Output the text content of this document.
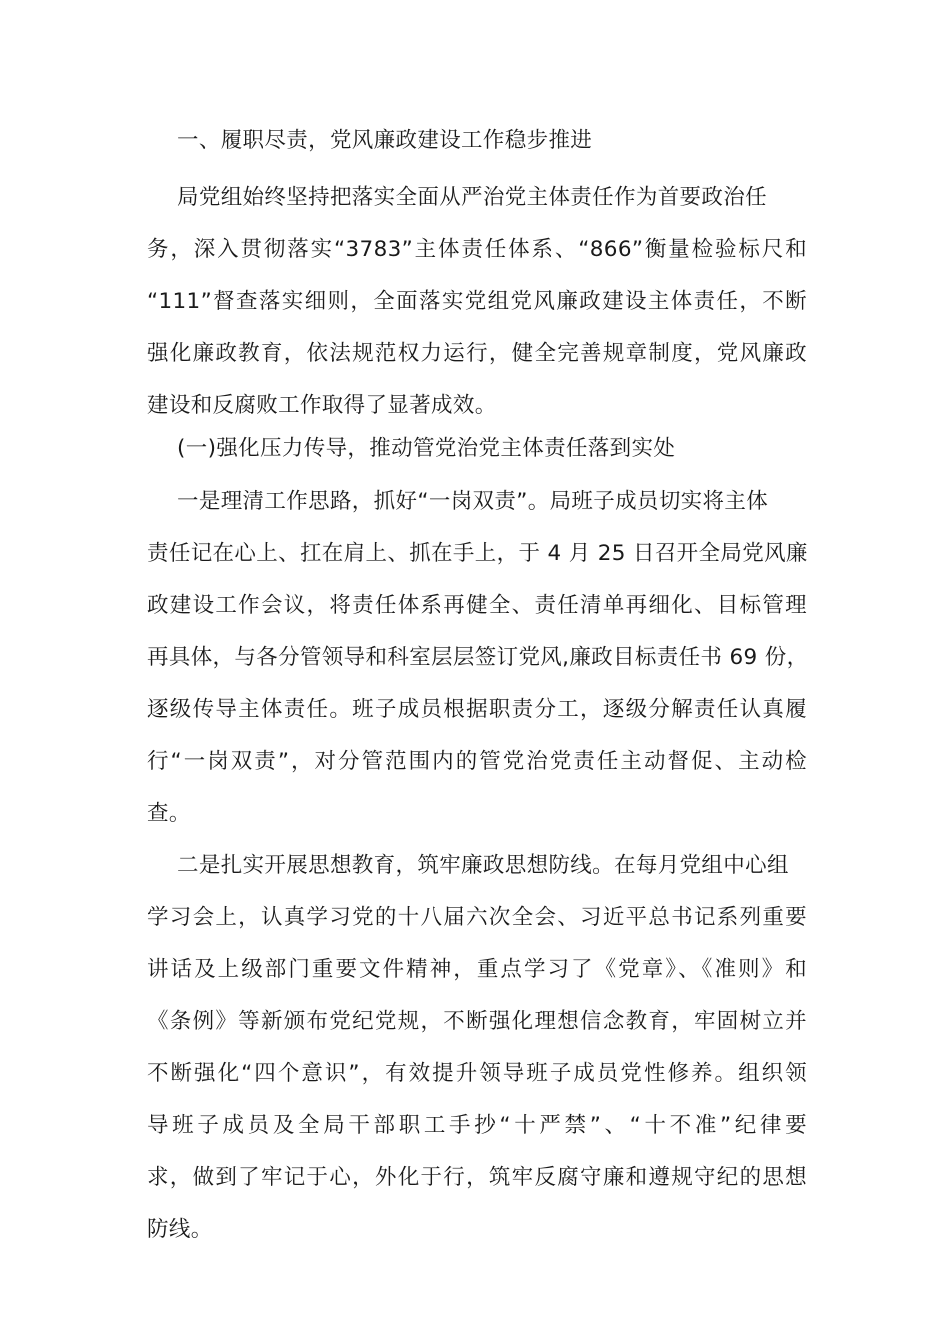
一、履职尽责，党风廉政建设工作稳步推进
局党组始终坚持把落实全面从严治党主体责任作为首要政治任
务，深入贯彻落实“3783”主体责任体系、“866”衡量检验标尺和
“111”督查落实细则，全面落实党组党风廉政建设主体责任，不断
强化廉政教育，依法规范权力运行，健全完善规章制度，党风廉政
建设和反腐败工作取得了显著成效。
(一)强化压力传导，推动管党治党主体责任落到实处
一是理清工作思路，抓好“一岗双责”。局班子成员切实将主体
责任记在心上、扛在肩上、抓在手上，于 4 月 25 日召开全局党风廉
政建设工作会议，将责任体系再健全、责任清单再细化、目标管理
再具体，与各分管领导和科室层层签订党风,廉政目标责任书 69 份，
逐级传导主体责任。班子成员根据职责分工，逐级分解责任认真履
行“一岗双责”，对分管范围内的管党治党责任主动督促、主动检
查。
二是扎实开展思想教育，筑牢廉政思想防线。在每月党组中心组
学习会上，认真学习党的十八届六次全会、习近平总书记系列重要
讲话及上级部门重要文件精神，重点学习了《党章》、《准则》和
《条例》等新颁布党纪党规，不断强化理想信念教育，牢固树立并
不断强化“四个意识”，有效提升领导班子成员党性修养。组织领
导班子成员及全局干部职工手抄“十严禁”、“十不准”纪律要
求，做到了牢记于心，外化于行，筑牢反腐守廉和遵规守纪的思想
防线。
